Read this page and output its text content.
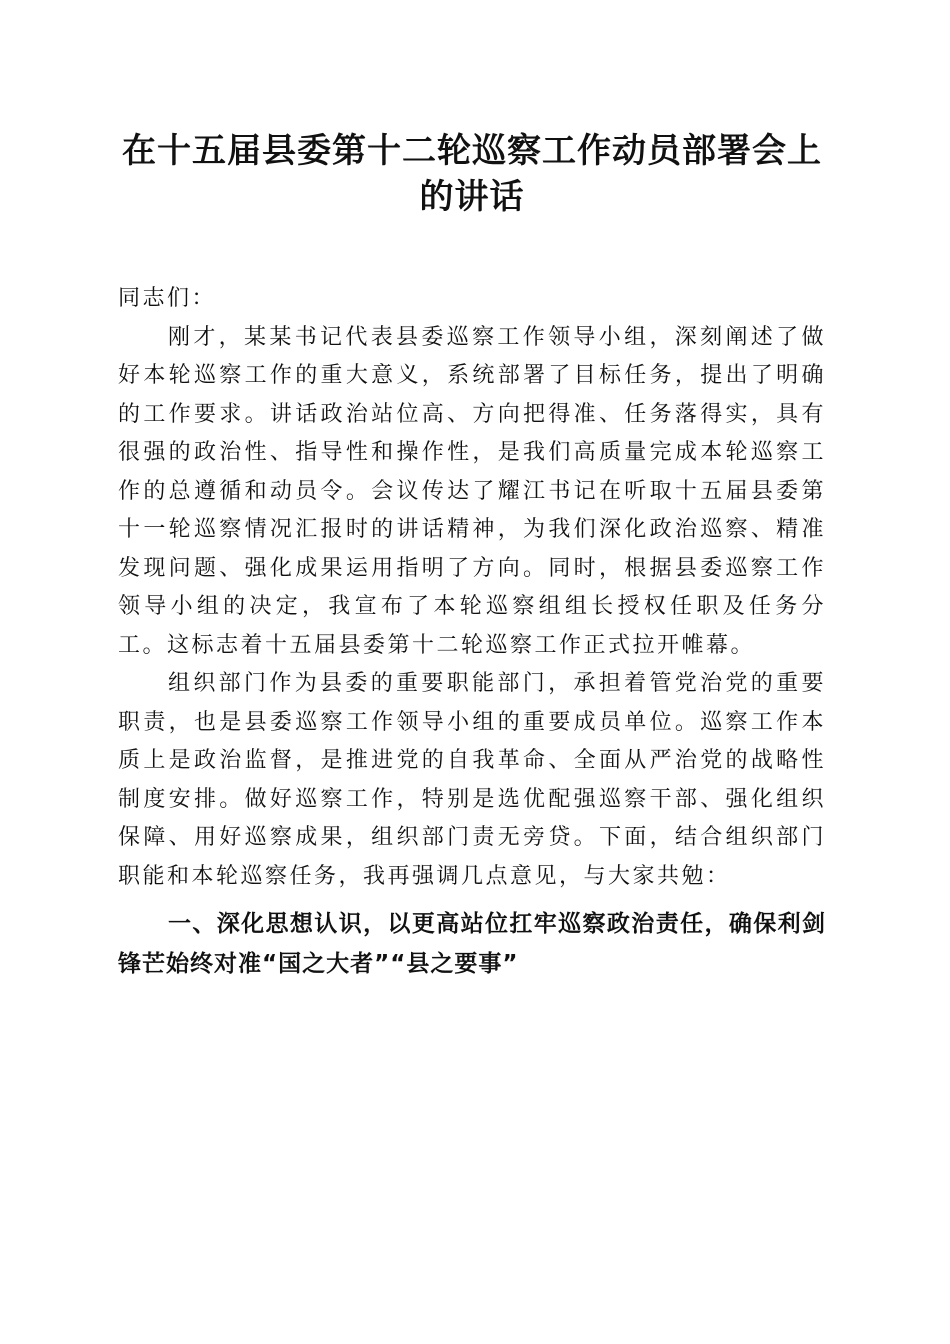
在十五届县委第十二轮巡察工作动员部署会上的讲话

同志们：

刚才，某某书记代表县委巡察工作领导小组，深刻阐述了做好本轮巡察工作的重大意义，系统部署了目标任务，提出了明确的工作要求。讲话政治站位高、方向把得准、任务落得实，具有很强的政治性、指导性和操作性，是我们高质量完成本轮巡察工作的总遵循和动员令。会议传达了耀江书记在听取十五届县委第十一轮巡察情况汇报时的讲话精神，为我们深化政治巡察、精准发现问题、强化成果运用指明了方向。同时，根据县委巡察工作领导小组的决定，我宣布了本轮巡察组组长授权任职及任务分工。这标志着十五届县委第十二轮巡察工作正式拉开帷幕。

组织部门作为县委的重要职能部门，承担着管党治党的重要职责，也是县委巡察工作领导小组的重要成员单位。巡察工作本质上是政治监督，是推进党的自我革命、全面从严治党的战略性制度安排。做好巡察工作，特别是选优配强巡察干部、强化组织保障、用好巡察成果，组织部门责无旁贷。下面，结合组织部门职能和本轮巡察任务，我再强调几点意见，与大家共勉：

一、深化思想认识，以更高站位扛牢巡察政治责任，确保利剑锋芒始终对准“国之大者”“县之要事”
